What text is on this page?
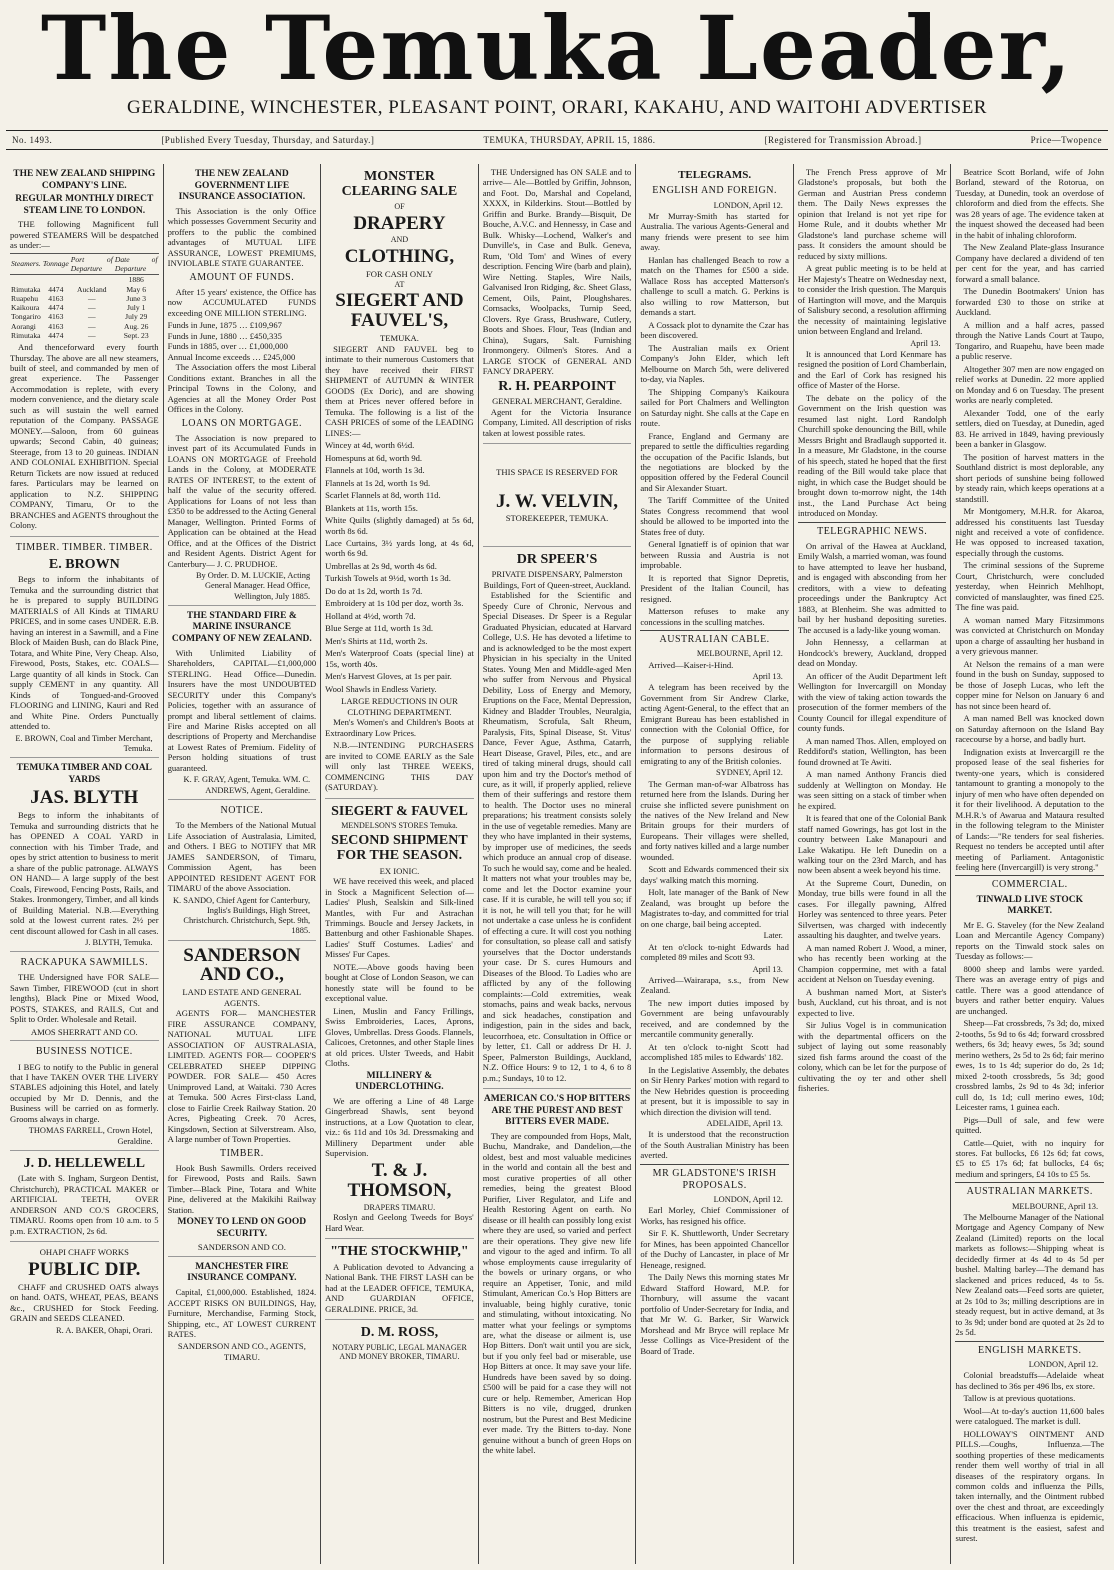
The Temuka Leader,
GERALDINE, WINCHESTER, PLEASANT POINT, ORARI, KAKAHU, AND WAITOHI ADVERTISER
No. 1493.	[Published Every Tuesday, Thursday, and Saturday.]	TEMUKA, THURSDAY, APRIL 15, 1886.	[Registered for Transmission Abroad.]	Price—Twopence
THE NEW ZEALAND SHIPPING COMPANY'S LINE.
REGULAR MONTHLY DIRECT STEAM LINE TO LONDON.

THE following Magnificent full powered STEAMERS Will be despatched as under:—

Steamers.	Tonnage	Port of Departure	Date of Departure
			1886
Rimutaka	4474	Auckland	May 6
Ruapehu	4163	—	June 3
Kaikoura	4474	—	July 1
Tongariro	4163	—	July 29
Aorangi	4163	—	Aug. 26
Rimutaka	4474	—	Sept. 23

And thenceforward every fourth Thursday. The above are all new steamers, built of steel, and commanded by men of great experience. The Passenger Accommodation is replete, with every modern convenience, and the dietary scale such as will sustain the well earned reputation of the Company. PASSAGE MONEY.—Saloon, from 60 guineas upwards; Second Cabin, 40 guineas; Steerage, from 13 to 20 guineas. INDIAN AND COLONIAL EXHIBITION. Special Return Tickets are now issued at reduced fares. Particulars may be learned on application to N.Z. SHIPPING COMPANY, Timaru, Or to the BRANCHES and AGENTS throughout the Colony.

TIMBER. TIMBER. TIMBER.
E. BROWN

Begs to inform the inhabitants of Temuka and the surrounding district that he is prepared to supply BUILDING MATERIALS of All Kinds at TIMARU PRICES, and in some cases UNDER. E.B. having an interest in a Sawmill, and a Fine Block of Maiden Bush, can do Black Pine, Totara, and White Pine, Very Cheap. Also, Firewood, Posts, Stakes, etc. COALS—Large quantity of all kinds in Stock. Can supply CEMENT in any quantity. All Kinds of Tongued-and-Grooved FLOORING and LINING, Kauri and Red and White Pine. Orders Punctually attended to.

E. BROWN, Coal and Timber Merchant, Temuka.
TEMUKA TIMBER AND COAL YARDS
JAS. BLYTH

Begs to inform the inhabitants of Temuka and surrounding districts that he has OPENED A COAL YARD in connection with his Timber Trade, and opes by strict attention to business to merit a share of the public patronage. ALWAYS ON HAND— A large supply of the best Coals, Firewood, Fencing Posts, Rails, and Stakes. Ironmongery, Timber, and all kinds of Building Material. N.B.—Everything sold at the lowest current rates. 2½ per cent discount allowed for Cash in all cases.

J. BLYTH, Temuka.
RACKAPUKA SAWMILLS.

THE Undersigned have FOR SALE— Sawn Timber, FIREWOOD (cut in short lengths), Black Pine or Mixed Wood, POSTS, STAKES, and RAILS, Cut and Split to Order. Wholesale and Retail.

AMOS SHERRATT AND CO.
BUSINESS NOTICE.

I BEG to notify to the Public in general that I have TAKEN OVER THE LIVERY STABLES adjoining this Hotel, and lately occupied by Mr D. Dennis, and the Business will be carried on as formerly. Grooms always in charge.

THOMAS FARRELL, Crown Hotel, Geraldine.
J. D. HELLEWELL

(Late with S. Ingham, Surgeon Dentist, Christchurch), PRACTICAL MAKER or ARTIFICIAL TEETH, OVER ANDERSON AND CO.'S GROCERS, TIMARU. Rooms open from 10 a.m. to 5 p.m. EXTRACTION, 2s 6d.

OHAPI CHAFF WORKS
PUBLIC DIP.

CHAFF and CRUSHED OATS always on hand. OATS, WHEAT, PEAS, BEANS &c., CRUSHED for Stock Feeding. GRAIN and SEEDS CLEANED.

R. A. BAKER, Ohapi, Orari.
THE NEW ZEALAND GOVERNMENT LIFE INSURANCE ASSOCIATION.

This Association is the only Office which possesses Government Security and proffers to the public the combined advantages of MUTUAL LIFE ASSURANCE, LOWEST PREMIUMS, INVIOLABLE STATE GUARANTEE.

AMOUNT OF FUNDS.

After 15 years' existence, the Office has now ACCUMULATED FUNDS exceeding ONE MILLION STERLING.

Funds in June, 1875 … £109,967
Funds in June, 1880 … £450,335
Funds in 1885, over … £1,000,000
Annual Income exceeds … £245,000

The Association offers the most Liberal Conditions extant. Branches in all the Principal Towns in the Colony, and Agencies at all the Money Order Post Offices in the Colony.

LOANS ON MORTGAGE.

The Association is now prepared to invest part of its Accumulated Funds in LOANS ON MORTGAGE of Freehold Lands in the Colony, at MODERATE RATES OF INTEREST, to the extent of half the value of the security offered. Applications for Loans of not less than £350 to be addressed to the Acting General Manager, Wellington. Printed Forms of Application can be obtained at the Head Office, and at the Offices of the District and Resident Agents. District Agent for Canterbury— J. C. PRUDHOE.

By Order. D. M. LUCKIE, Acting General Manager. Head Office, Wellington, July 1885.
THE STANDARD FIRE & MARINE INSURANCE COMPANY OF NEW ZEALAND.

With Unlimited Liability of Shareholders, CAPITAL—£1,000,000 STERLING. Head Office—Dunedin. Insurers have the most UNDOUBTED SECURITY under this Company's Policies, together with an assurance of prompt and liberal settlement of claims. Fire and Marine Risks accepted on all descriptions of Property and Merchandise at Lowest Rates of Premium. Fidelity of Person holding situations of trust guaranteed.

K. F. GRAY, Agent, Temuka. WM. C. ANDREWS, Agent, Geraldine.
NOTICE.

To the Members of the National Mutual Life Association of Australasia, Limited, and Others. I BEG to NOTIFY that MR JAMES SANDERSON, of Timaru, Commission Agent, has been APPOINTED RESIDENT AGENT FOR TIMARU of the above Association.

K. SANDO, Chief Agent for Canterbury, Inglis's Buildings, High Street, Christchurch. Christchurch, Sept. 9th, 1885.
SANDERSON AND CO.,
LAND ESTATE AND GENERAL AGENTS.

AGENTS FOR— MANCHESTER FIRE ASSURANCE COMPANY, NATIONAL MUTUAL LIFE ASSOCIATION OF AUSTRALASIA, LIMITED. AGENTS FOR— COOPER'S CELEBRATED SHEEP DIPPING POWDER. FOR SALE— 450 Acres Unimproved Land, at Waitaki. 730 Acres at Temuka. 500 Acres First-class Land, close to Fairlie Creek Railway Station. 20 Acres, Pigbeating Creek. 70 Acres, Kingsdown, Section at Silverstream. Also, A large number of Town Properties.

TIMBER.

Hook Bush Sawmills. Orders received for Firewood, Posts and Rails. Sawn Timber—Black Pine, Totara and White Pine, delivered at the Makikihi Railway Station.

MONEY TO LEND ON GOOD SECURITY.
SANDERSON AND CO.
MANCHESTER FIRE INSURANCE COMPANY.

Capital, £1,000,000. Established, 1824. ACCEPT RISKS ON BUILDINGS, Hay, Furniture, Merchandise, Farming Stock, Shipping, etc., AT LOWEST CURRENT RATES.

SANDERSON AND CO., AGENTS, TIMARU.
MONSTER CLEARING SALE
OF
DRAPERY
AND
CLOTHING,
FOR CASH ONLY
AT
SIEGERT AND FAUVEL'S,
TEMUKA.

SIEGERT AND FAUVEL beg to intimate to their numerous Customers that they have received their FIRST SHIPMENT of AUTUMN & WINTER GOODS (Ex Doric), and are showing them at Prices never offered before in Temuka. The following is a list of the CASH PRICES of some of the LEADING LINES:—

Wincey at 4d, worth 6½d.

Homespuns at 6d, worth 9d.

Flannels at 10d, worth 1s 3d.

Flannels at 1s 2d, worth 1s 9d.

Scarlet Flannels at 8d, worth 11d.

Blankets at 11s, worth 15s.

White Quilts (slightly damaged) at 5s 6d, worth 8s 6d.

Lace Curtains, 3½ yards long, at 4s 6d, worth 6s 9d.

Umbrellas at 2s 9d, worth 4s 6d.

Turkish Towels at 9½d, worth 1s 3d.

Do do at 1s 2d, worth 1s 7d.

Embroidery at 1s 10d per doz, worth 3s.

Holland at 4½d, worth 7d.

Blue Serge at 11d, worth 1s 3d.

Men's Shirts at 11d, worth 2s.

Men's Waterproof Coats (special line) at 15s, worth 40s.

Men's Harvest Gloves, at 1s per pair.

Wool Shawls in Endless Variety.

LARGE REDUCTIONS IN OUR CLOTHING DEPARTMENT.

Men's Women's and Children's Boots at Extraordinary Low Prices.

N.B.—INTENDING PURCHASERS are invited to COME EARLY as the Sale will only last THREE WEEKS, COMMENCING THIS DAY (SATURDAY).

SIEGERT & FAUVEL
MENDELSON'S STORES Temuka.
SECOND SHIPMENT FOR THE SEASON.
EX IONIC.

WE have received this week, and placed in Stock a Magnificent Selection of— Ladies' Plush, Sealskin and Silk-lined Mantles, with Fur and Astrachan Trimmings. Boucle and Jersey Jackets, in Battenburg and other Fashionable Shapes. Ladies' Stuff Costumes. Ladies' and Misses' Fur Capes.

NOTE.—Above goods having been bought at Close of London Season, we can honestly state will be found to be exceptional value.

Linen, Muslin and Fancy Frillings, Swiss Embroideries, Laces, Aprons, Gloves, Umbrellas. Dress Goods. Flannels, Calicoes, Cretonnes, and other Staple lines at old prices. Ulster Tweeds, and Habit Cloths.

MILLINERY & UNDERCLOTHING.

We are offering a Line of 48 Large Gingerbread Shawls, sent beyond instructions, at a Low Quotation to clear, viz.: 6s 11d and 10s 3d. Dressmaking and Millinery Department under able Supervision.

T. & J. THOMSON,
DRAPERS TIMARU.

Roslyn and Geelong Tweeds for Boys' Hard Wear.

"THE STOCKWHIP,"

A Publication devoted to Advancing a National Bank. THE FIRST LASH can be had at the LEADER OFFICE, TEMUKA, AND GUARDIAN OFFICE, GERALDINE. PRICE, 3d.

D. M. ROSS,
NOTARY PUBLIC, LEGAL MANAGER AND MONEY BROKER, TIMARU.

THE Undersigned has ON SALE and to arrive— Ale—Bottled by Griffin, Johnson, and Foot. Do, Marshal and Copeland, XXXX, in Kilderkins. Stout—Bottled by Griffin and Burke. Brandy—Bisquit, De Bouche, A.V.C. and Hennessy, in Case and Bulk. Whisky—Lochend, Walker's and Dunville's, in Case and Bulk. Geneva, Rum, 'Old Tom' and Wines of every description. Fencing Wire (barb and plain), Wire Netting. Staples, Wire Nails, Galvanised Iron Ridging, &c. Sheet Glass, Cement, Oils, Paint, Ploughshares. Cornsacks, Woolpacks, Turnip Seed, Clovers. Rye Grass, Brushware, Cutlery, Boots and Shoes. Flour, Teas (Indian and China), Sugars, Salt. Furnishing Ironmongery. Oilmen's Stores. And a LARGE STOCK of GENERAL AND FANCY DRAPERY.

R. H. PEARPOINT
GENERAL MERCHANT, Geraldine.

Agent for the Victoria Insurance Company, Limited. All description of risks taken at lowest possible rates.

THIS SPACE IS RESERVED FOR
J. W. VELVIN,
STOREKEEPER, TEMUKA.
DR SPEER'S
PRIVATE DISPENSARY, Palmerston Buildings, Fort of Queen-street, Auckland.

Established for the Scientific and Speedy Cure of Chronic, Nervous and Special Diseases. Dr Speer is a Regular Graduated Physician, educated at Harvard College, U.S. He has devoted a lifetime to and is acknowledged to be the most expert Physician in his specialty in the United States. Young Men and Middle-aged Men who suffer from Nervous and Physical Debility, Loss of Energy and Memory, Eruptions on the Face, Mental Depression, Kidney and Bladder Troubles, Neuralgia, Rheumatism, Scrofula, Salt Rheum, Paralysis, Fits, Spinal Disease, St. Vitus' Dance, Fever Ague, Asthma, Catarrh, Heart Disease, Gravel, Piles, etc., and are tired of taking mineral drugs, should call upon him and try the Doctor's method of cure, as it will, if properly applied, relieve them of their sufferings and restore them to health. The Doctor uses no mineral preparations; his treatment consists solely in the use of vegetable remedies. Many are they who have implanted in their systems, by improper use of medicines, the seeds which produce an annual crop of disease. To such he would say, come and be healed. It matters not what your troubles may be, come and let the Doctor examine your case. If it is curable, he will tell you so; if it is not, he will tell you that; for he will not undertake a case unless he is confident of effecting a cure. It will cost you nothing for consultation, so please call and satisfy yourselves that the Doctor understands your case. Dr S. cures Humours and Diseases of the Blood. To Ladies who are afflicted by any of the following complaints:—Cold extremities, weak stomachs, pains and weak backs, nervous and sick headaches, constipation and indigestion, pain in the sides and back, leucorrhoea, etc. Consultation in Office or by letter, £1. Call or address Dr H. J. Speer, Palmerston Buildings, Auckland, N.Z. Office Hours: 9 to 12, 1 to 4, 6 to 8 p.m.; Sundays, 10 to 12.

AMERICAN CO.'S HOP BITTERS ARE THE PUREST AND BEST BITTERS EVER MADE.

They are compounded from Hops, Malt, Buchu, Mandrake, and Dandelion,—the oldest, best and most valuable medicines in the world and contain all the best and most curative properties of all other remedies, being the greatest Blood Purifier, Liver Regulator, and Life and Health Restoring Agent on earth. No disease or ill health can possibly long exist where they are used, so varied and perfect are their operations. They give new life and vigour to the aged and infirm. To all whose employments cause irregularity of the bowels or urinary organs, or who require an Appetiser, Tonic, and mild Stimulant, American Co.'s Hop Bitters are invaluable, being highly curative, tonic and stimulating, without intoxicating. No matter what your feelings or symptoms are, what the disease or ailment is, use Hop Bitters. Don't wait until you are sick, but if you only feel bad or miserable, use Hop Bitters at once. It may save your life. Hundreds have been saved by so doing. £500 will be paid for a case they will not cure or help. Remember, American Hop Bitters is no vile, drugged, drunken nostrum, but the Purest and Best Medicine ever made. Try the Bitters to-day. None genuine without a bunch of green Hops on the white label.

TELEGRAMS.
ENGLISH AND FOREIGN.
LONDON, April 12.

Mr Murray-Smith has started for Australia. The various Agents-General and many friends were present to see him away.

Hanlan has challenged Beach to row a match on the Thames for £500 a side. Wallace Ross has accepted Matterson's challenge to scull a match. G. Perkins is also willing to row Matterson, but demands a start.

A Cossack plot to dynamite the Czar has been discovered.

The Australian mails ex Orient Company's John Elder, which left Melbourne on March 5th, were delivered to-day, via Naples.

The Shipping Company's Kaikoura sailed for Port Chalmers and Wellington on Saturday night. She calls at the Cape en route.

France, England and Germany are prepared to settle the difficulties regarding the occupation of the Pacific Islands, but the negotiations are blocked by the opposition offered by the Federal Council and Sir Alexander Stuart.

The Tariff Committee of the United States Congress recommend that wool should be allowed to be imported into the States free of duty.

General Ignatieff is of opinion that war between Russia and Austria is not improbable.

It is reported that Signor Depretis, President of the Italian Council, has resigned.

Matterson refuses to make any concessions in the sculling matches.

AUSTRALIAN CABLE.
MELBOURNE, April 12.

Arrived—Kaiser-i-Hind.

April 13.

A telegram has been received by the Government from Sir Andrew Clarke, acting Agent-General, to the effect that an Emigrant Bureau has been established in connection with the Colonial Office, for the purpose of supplying reliable information to persons desirous of emigrating to any of the British colonies.

SYDNEY, April 12.

The German man-of-war Albatross has returned here from the Islands. During her cruise she inflicted severe punishment on the natives of the New Ireland and New Britain groups for their murders of Europeans. Their villages were shelled, and forty natives killed and a large number wounded.

Scott and Edwards commenced their six days' walking match this morning.

Holt, late manager of the Bank of New Zealand, was brought up before the Magistrates to-day, and committed for trial on one charge, bail being accepted.

Later.

At ten o'clock to-night Edwards had completed 89 miles and Scott 93.

April 13.

Arrived—Wairarapa, s.s., from New Zealand.

The new import duties imposed by Government are being unfavourably received, and are condemned by the mercantile community generally.

At ten o'clock to-night Scott had accomplished 185 miles to Edwards' 182.

In the Legislative Assembly, the debates on Sir Henry Parkes' motion with regard to the New Hebrides question is proceeding at present, but it is impossible to say in which direction the division will tend.

ADELAIDE, April 13.

It is understood that the reconstruction of the South Australian Ministry has been averted.

MR GLADSTONE'S IRISH PROPOSALS.
LONDON, April 12.

Earl Morley, Chief Commissioner of Works, has resigned his office.

Sir F. K. Shuttleworth, Under Secretary for Mines, has been appointed Chancellor of the Duchy of Lancaster, in place of Mr Heneage, resigned.

The Daily News this morning states Mr Edward Stafford Howard, M.P. for Thornbury, will assume the vacant portfolio of Under-Secretary for India, and that Mr W. G. Barker, Sir Warwick Morshead and Mr Bryce will replace Mr Jesse Collings as Vice-President of the Board of Trade.

The French Press approve of Mr Gladstone's proposals, but both the German and Austrian Press condemn them. The Daily News expresses the opinion that Ireland is not yet ripe for Home Rule, and it doubts whether Mr Gladstone's land purchase scheme will pass. It considers the amount should be reduced by sixty millions.

A great public meeting is to be held at Her Majesty's Theatre on Wednesday next, to consider the Irish question. The Marquis of Hartington will move, and the Marquis of Salisbury second, a resolution affirming the necessity of maintaining legislative union between England and Ireland.

April 13.

It is announced that Lord Kenmare has resigned the position of Lord Chamberlain, and the Earl of Cork has resigned his office of Master of the Horse.

The debate on the policy of the Government on the Irish question was resumed last night. Lord Randolph Churchill spoke denouncing the Bill, while Messrs Bright and Bradlaugh supported it. In a measure, Mr Gladstone, in the course of his speech, stated he hoped that the first reading of the Bill would take place that night, in which case the Budget should be brought down to-morrow night, the 14th inst., the Land Purchase Act being introduced on Monday.

TELEGRAPHIC NEWS.

On arrival of the Hawea at Auckland, Emily Walsh, a married woman, was found to have attempted to leave her husband, and is engaged with absconding from her creditors, with a view to defeating proceedings under the Bankruptcy Act 1883, at Blenheim. She was admitted to bail by her husband depositing sureties. The accused is a lady-like young woman.

John Hennessy, a cellarman at Hondcock's brewery, Auckland, dropped dead on Monday.

An officer of the Audit Department left Wellington for Invercargill on Monday with the view of taking action towards the prosecution of the former members of the County Council for illegal expenditure of county funds.

A man named Thos. Allen, employed on Reddiford's station, Wellington, has been found drowned at Te Awiti.

A man named Anthony Francis died suddenly at Wellington on Monday. He was seen sitting on a stack of timber when he expired.

It is feared that one of the Colonial Bank staff named Gowrings, has got lost in the country between Lake Manapouri and Lake Wakatipu. He left Dunedin on a walking tour on the 23rd March, and has now been absent a week beyond his time.

At the Supreme Court, Dunedin, on Monday, true bills were found in all the cases. For illegally pawning, Alfred Horley was sentenced to three years. Peter Silvertsen, was charged with indecently assaulting his daughter, and twelve years.

A man named Robert J. Wood, a miner, who has recently been working at the Champion coppermine, met with a fatal accident at Nelson on Tuesday evening.

A bushman named Mort, at Sister's bush, Auckland, cut his throat, and is not expected to live.

Sir Julius Vogel is in communication with the departmental officers on the subject of laying out some reasonably sized fish farms around the coast of the colony, which can be let for the purpose of cultivating the oy ter and other shell fisheries.

Beatrice Scott Borland, wife of John Borland, steward of the Rotorua, on Tuesday, at Dunedin, took an overdose of chloroform and died from the effects. She was 28 years of age. The evidence taken at the inquest showed the deceased had been in the habit of inhaling chloroform.

The New Zealand Plate-glass Insurance Company have declared a dividend of ten per cent for the year, and has carried forward a small balance.

The Dunedin Bootmakers' Union has forwarded £30 to those on strike at Auckland.

A million and a half acres, passed through the Native Lands Court at Taupo, Tongariro, and Ruapehu, have been made a public reserve.

Altogether 307 men are now engaged on relief works at Dunedin. 22 more applied on Monday and 6 on Tuesday. The present works are nearly completed.

Alexander Todd, one of the early settlers, died on Tuesday, at Dunedin, aged 83. He arrived in 1849, having previously been a banker in Glasgow.

The position of harvest matters in the Southland district is most deplorable, any short periods of sunshine being followed by steady rain, which keeps operations at a standstill.

Mr Montgomery, M.H.R. for Akaroa, addressed his constituents last Tuesday night and received a vote of confidence. He was opposed to increased taxation, especially through the customs.

The criminal sessions of the Supreme Court, Christchurch, were concluded yesterday, when Heinrich Mehlhopt, convicted of manslaughter, was fined £25. The fine was paid.

A woman named Mary Fitzsimmons was convicted at Christchurch on Monday upon a charge of assaulting her husband in a very grievous manner.

At Nelson the remains of a man were found in the bush on Sunday, supposed to be those of Joseph Lucas, who left the copper mine for Nelson on January 6 and has not since been heard of.

A man named Bell was knocked down on Saturday afternoon on the Island Bay racecourse by a horse, and badly hurt.

Indignation exists at Invercargill re the proposed lease of the seal fisheries for twenty-one years, which is considered tantamount to granting a monopoly to the injury of men who have often depended on it for their livelihood. A deputation to the M.H.R.'s of Awarua and Mataura resulted in the following telegram to the Minister of Lands:—"Re tenders for seal fisheries. Request no tenders be accepted until after meeting of Parliament. Antagonistic feeling here (Invercargill) is very strong."

COMMERCIAL.
TINWALD LIVE STOCK MARKET.

Mr E. G. Staveley (for the New Zealand Loan and Mercantile Agency Company) reports on the Tinwald stock sales on Tuesday as follows:—

8000 sheep and lambs were yarded. There was an average entry of pigs and cattle. There was a good attendance of buyers and rather better enquiry. Values are unchanged.

Sheep—Fat crossbreds, 7s 3d; do, mixed 2-tooths, 5s 9d to 6s 4d; forward crossbred wethers, 6s 3d; heavy ewes, 5s 3d; sound merino wethers, 2s 5d to 2s 6d; fair merino ewes, 1s to 1s 4d; superior do do, 2s 1d; mixed 2-tooth crossbreds, 5s 3d; good crossbred lambs, 2s 9d to 4s 3d; inferior cull do, 1s 1d; cull merino ewes, 10d; Leicester rams, 1 guinea each.

Pigs—Dull of sale, and few were quitted.

Cattle—Quiet, with no inquiry for stores. Fat bullocks, £6 12s 6d; fat cows, £5 to £5 17s 6d; fat bullocks, £4 6s; medium and springers, £4 10s to £5 5s.

AUSTRALIAN MARKETS.
MELBOURNE, April 13.

The Melbourne Manager of the National Mortgage and Agency Company of New Zealand (Limited) reports on the local markets as follows:—Shipping wheat is decidedly firmer at 4s 4d to 4s 5d per bushel. Malting barley—The demand has slackened and prices reduced, 4s to 5s. New Zealand oats—Feed sorts are quieter, at 2s 10d to 3s; milling descriptions are in steady request, but in active demand, at 3s to 3s 9d; under bond are quoted at 2s 2d to 2s 5d.

ENGLISH MARKETS.
LONDON, April 12.

Colonial breadstuffs—Adelaide wheat has declined to 36s per 496 lbs, ex store.

Tallow is at previous quotations.

Wool—At to-day's auction 11,600 bales were catalogued. The market is dull.

HOLLOWAY'S OINTMENT AND PILLS.—Coughs, Influenza.—The soothing properties of these medicaments render them well worthy of trial in all diseases of the respiratory organs. In common colds and influenza the Pills, taken internally, and the Ointment rubbed over the chest and throat, are exceedingly efficacious. When influenza is epidemic, this treatment is the easiest, safest and surest.
